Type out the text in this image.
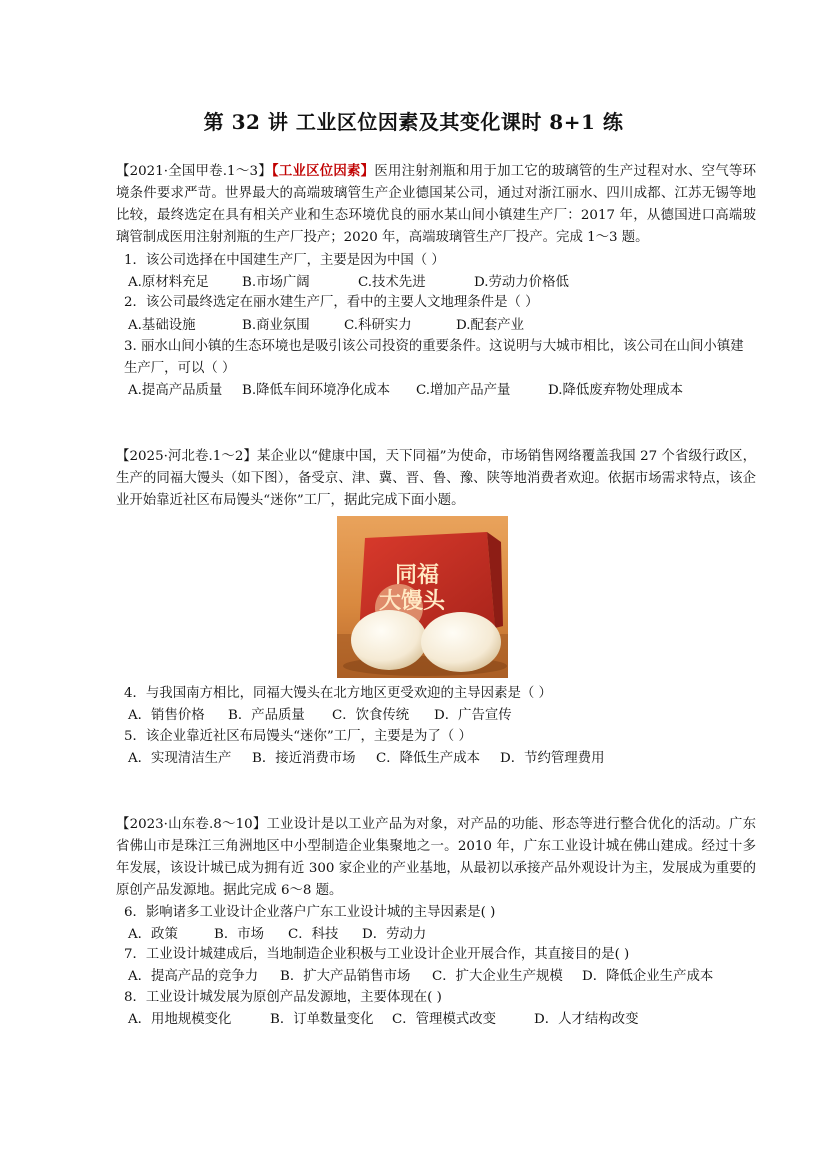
第 32 讲 工业区位因素及其变化课时 8+1 练

【2021·全国甲卷.1～3】【工业区位因素】医用注射剂瓶和用于加工它的玻璃管的生产过程对水、空气等环境条件要求严苛。世界最大的高端玻璃管生产企业德国某公司，通过对浙江丽水、四川成都、江苏无锡等地比较，最终选定在具有相关产业和生态环境优良的丽水某山间小镇建生产厂：2017 年，从德国进口高端玻璃管制成医用注射剂瓶的生产厂投产；2020 年，高端玻璃管生产厂投产。完成 1～3 题。

1．该公司选择在中国建生产厂，主要是因为中国（ ）

A.原材料充足 B.市场广阔	C.技术先进	D.劳动力价格低

2．该公司最终选定在丽水建生产厂，看中的主要人文地理条件是（ ）

A.基础设施	B.商业氛围	C.科研实力	D.配套产业

3. 丽水山间小镇的生态环境也是吸引该公司投资的重要条件。这说明与大城市相比，该公司在山间小镇建生产厂，可以（ ）

A.提高产品质量 B.降低车间环境净化成本 C.增加产品产量	D.降低废弃物处理成本

【2025·河北卷.1～2】某企业以“健康中国，天下同福”为使命，市场销售网络覆盖我国 27 个省级行政区，生产的同福大馒头（如下图），备受京、津、冀、晋、鲁、豫、陕等地消费者欢迎。依据市场需求特点，该企业开始靠近社区布局馒头“迷你”工厂，据此完成下面小题。

同福
大馒头

4．与我国南方相比，同福大馒头在北方地区更受欢迎的主导因素是（ ）

A．销售价格 B．产品质量 C．饮食传统 D．广告宣传

5．该企业靠近社区布局馒头“迷你”工厂，主要是为了（ ）

A．实现清洁生产 B．接近消费市场 C．降低生产成本 D．节约管理费用

【2023·山东卷.8～10】工业设计是以工业产品为对象，对产品的功能、形态等进行整合优化的活动。广东省佛山市是珠江三角洲地区中小型制造企业集聚地之一。2010 年，广东工业设计城在佛山建成。经过十多年发展，该设计城已成为拥有近 300 家企业的产业基地，从最初以承接产品外观设计为主，发展成为重要的原创产品发源地。据此完成 6～8 题。

6．影响诸多工业设计企业落户广东工业设计城的主导因素是( )

A．政策	B．市场 C．科技 D．劳动力

7．工业设计城建成后，当地制造企业积极与工业设计企业开展合作，其直接目的是( )

A．提高产品的竞争力 B．扩大产品销售市场 C．扩大企业生产规模 D．降低企业生产成本

8．工业设计城发展为原创产品发源地，主要体现在( )

A．用地规模变化	B．订单数量变化 C．管理模式改变	D．人才结构改变
